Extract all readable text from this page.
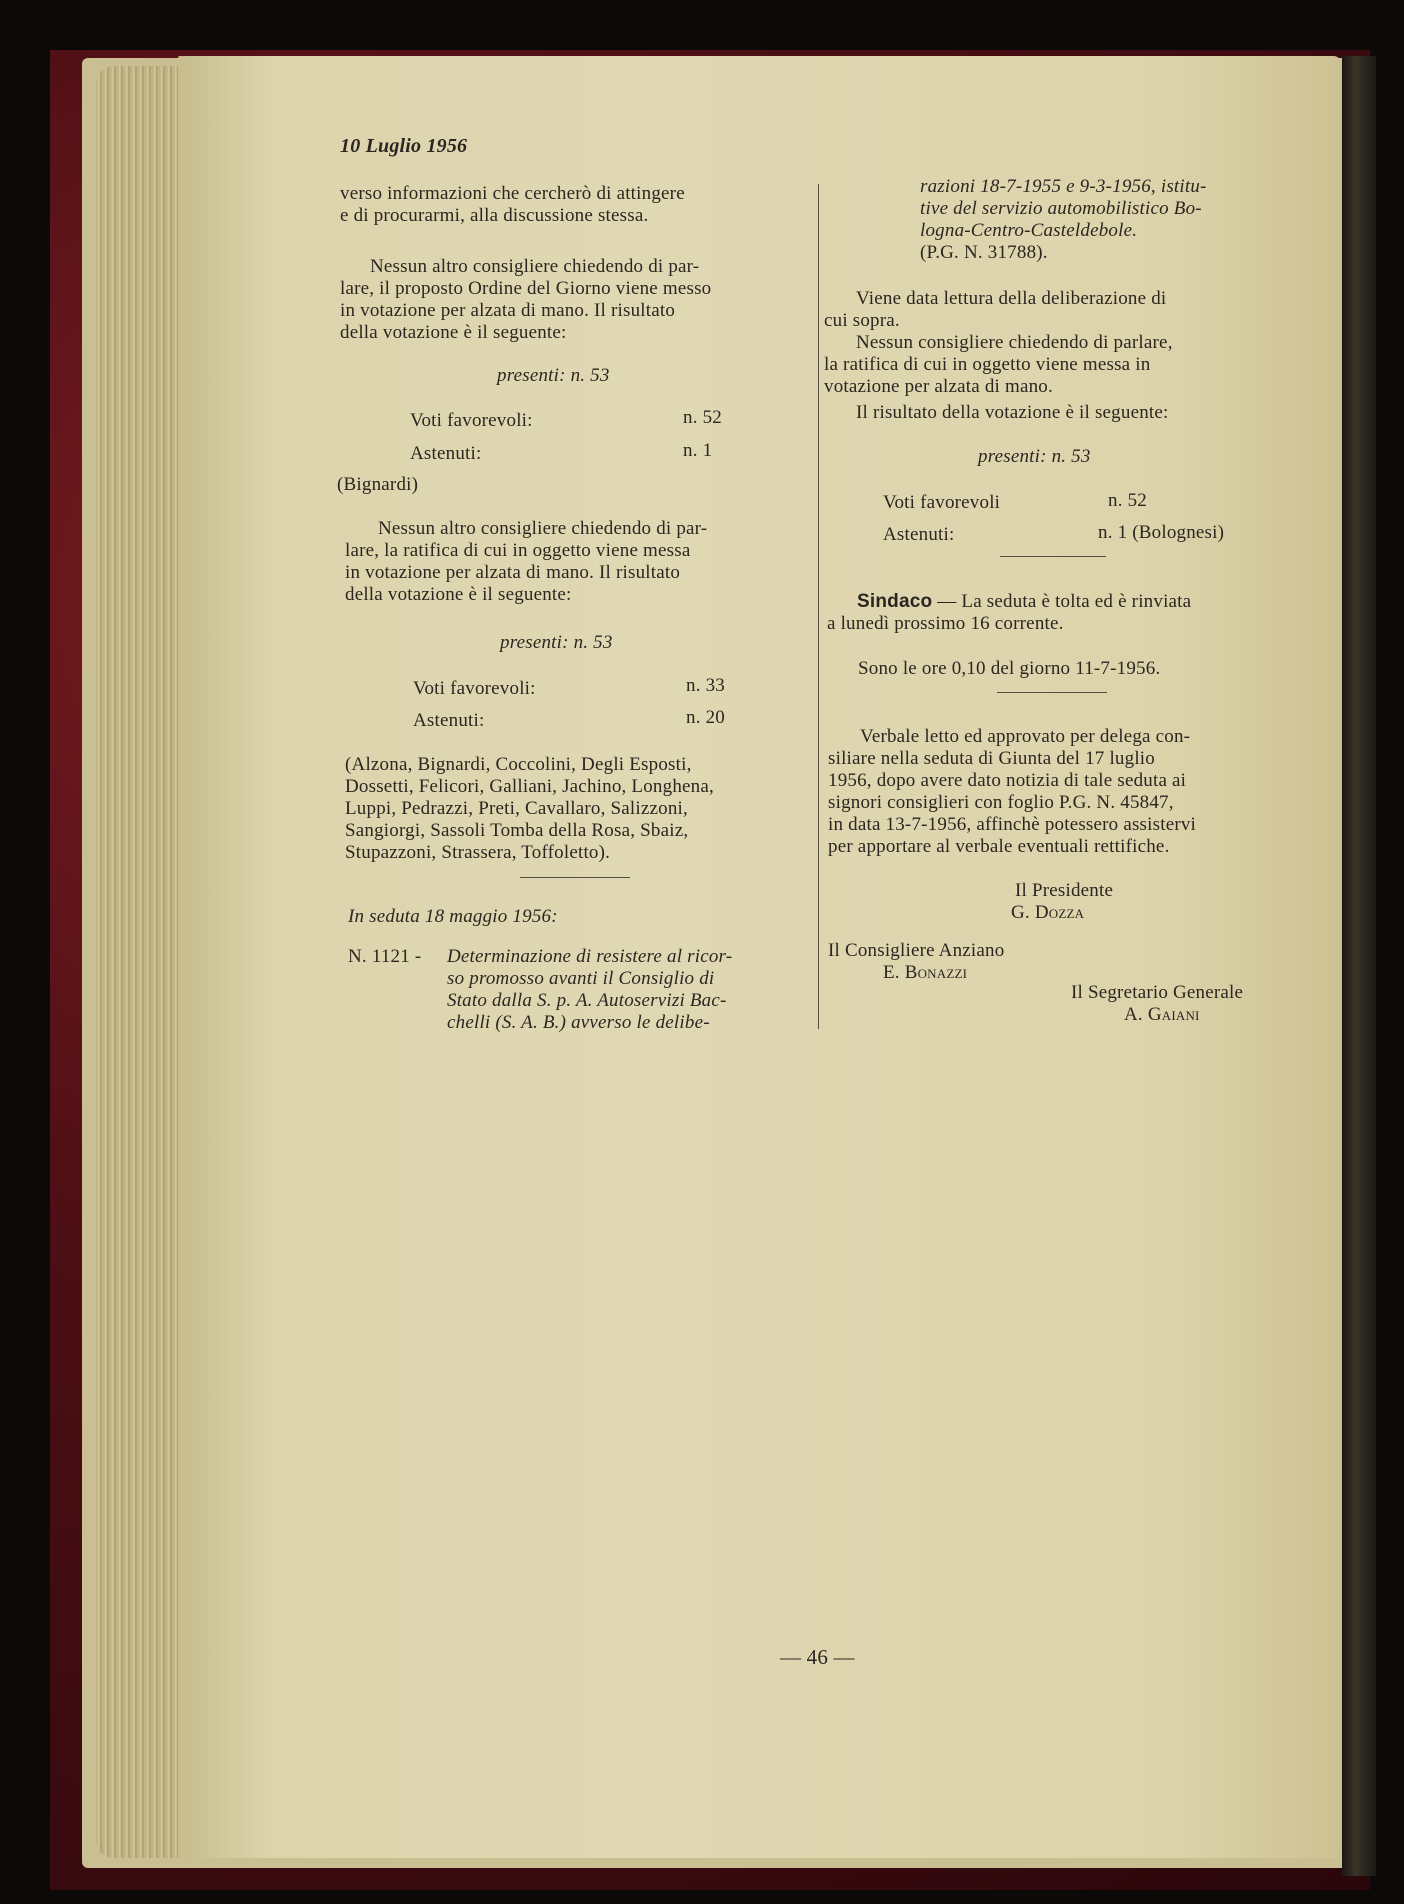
10 Luglio 1956
verso informazioni che cercherò di attingere
e di procurarmi, alla discussione stessa.
Nessun altro consigliere chiedendo di par-
lare, il proposto Ordine del Giorno viene messo
in votazione per alzata di mano. Il risultato
della votazione è il seguente:
presenti: n. 53
Voti favorevoli:	n. 52
Astenuti:	n. 1
(Bignardi)
Nessun altro consigliere chiedendo di par-
lare, la ratifica di cui in oggetto viene messa
in votazione per alzata di mano. Il risultato
della votazione è il seguente:
presenti: n. 53
Voti favorevoli:	n. 33
Astenuti:	n. 20
(Alzona, Bignardi, Coccolini, Degli Esposti,
Dossetti, Felicori, Galliani, Jachino, Longhena,
Luppi, Pedrazzi, Preti, Cavallaro, Salizzoni,
Sangiorgi, Sassoli Tomba della Rosa, Sbaiz,
Stupazzoni, Strassera, Toffoletto).
In seduta 18 maggio 1956:
N. 1121 - Determinazione di resistere al ricor-
so promosso avanti il Consiglio di
Stato dalla S. p. A. Autoservizi Bac-
chelli (S. A. B.) avverso le delibe-
razioni 18-7-1955 e 9-3-1956, istitu-
tive del servizio automobilistico Bo-
logna-Centro-Casteldebole.
(P.G. N. 31788).
Viene data lettura della deliberazione di
cui sopra.
Nessun consigliere chiedendo di parlare,
la ratifica di cui in oggetto viene messa in
votazione per alzata di mano.
Il risultato della votazione è il seguente:
presenti: n. 53
Voti favorevoli	n. 52
Astenuti:	n. 1 (Bolognesi)
Sindaco — La seduta è tolta ed è rinviata
a lunedì prossimo 16 corrente.
Sono le ore 0,10 del giorno 11-7-1956.
Verbale letto ed approvato per delega con-
siliare nella seduta di Giunta del 17 luglio
1956, dopo avere dato notizia di tale seduta ai
signori consiglieri con foglio P.G. N. 45847,
in data 13-7-1956, affinchè potessero assistervi
per apportare al verbale eventuali rettifiche.
Il Presidente
G. Dozza
Il Consigliere Anziano
E. Bonazzi
Il Segretario Generale
A. Gaiani
— 46 —
